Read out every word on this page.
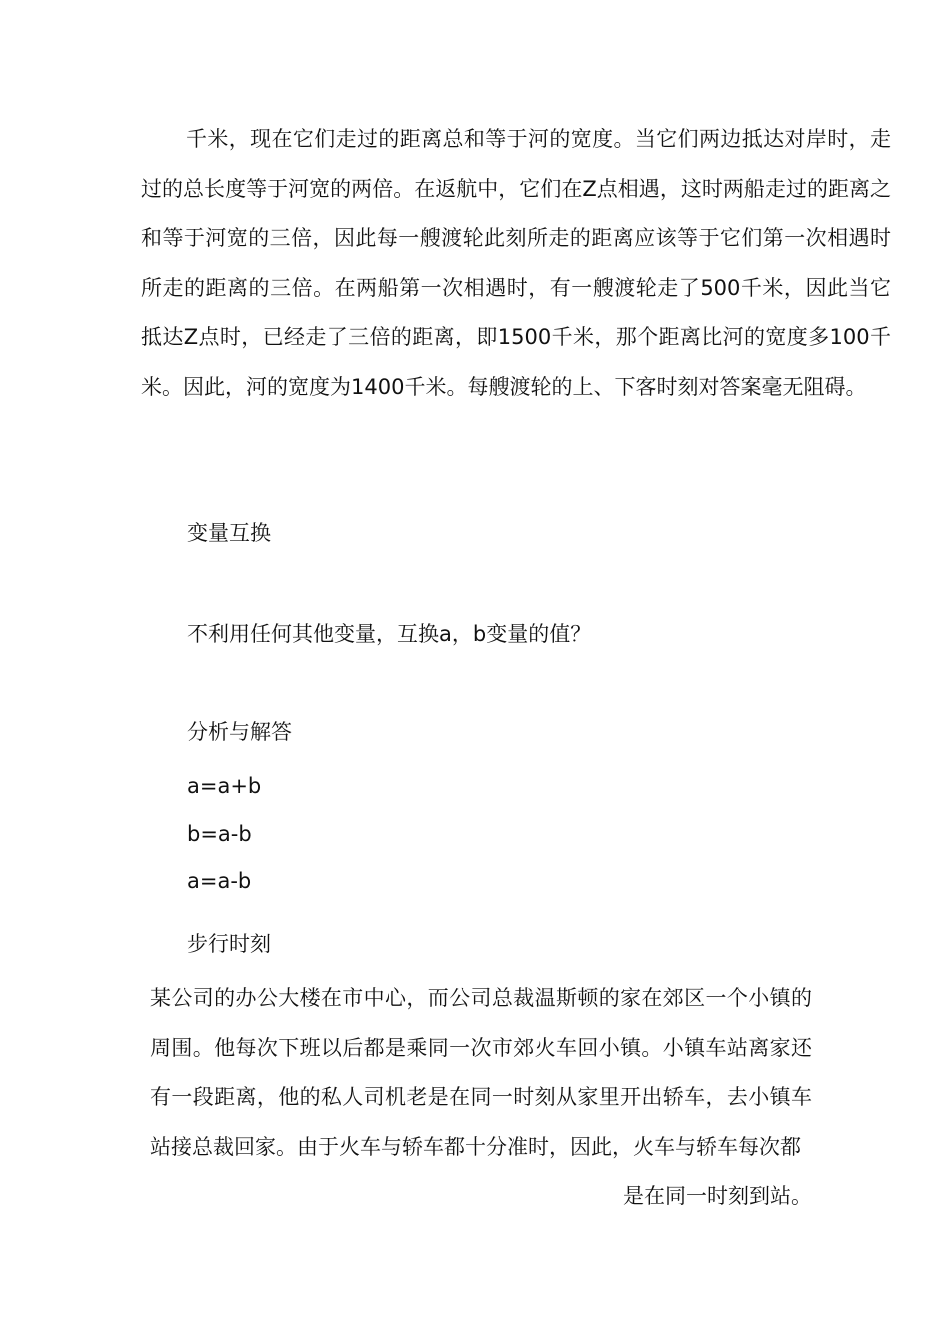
千米，现在它们走过的距离总和等于河的宽度。当它们两边抵达对岸时，走过的总长度等于河宽的两倍。在返航中，它们在Z点相遇，这时两船走过的距离之和等于河宽的三倍，因此每一艘渡轮此刻所走的距离应该等于它们第一次相遇时所走的距离的三倍。在两船第一次相遇时，有一艘渡轮走了500千米，因此当它抵达Z点时，已经走了三倍的距离，即1500千米，那个距离比河的宽度多100千米。因此，河的宽度为1400千米。每艘渡轮的上、下客时刻对答案毫无阻碍。

变量互换

不利用任何其他变量，互换a，b变量的值？

分析与解答

a=a+b

b=a-b

a=a-b

步行时刻

某公司的办公大楼在市中心，而公司总裁温斯顿的家在郊区一个小镇的周围。他每次下班以后都是乘同一次市郊火车回小镇。小镇车站离家还有一段距离，他的私人司机老是在同一时刻从家里开出轿车，去小镇车站接总裁回家。由于火车与轿车都十分准时，因此，火车与轿车每次都

是在同一时刻到站。
